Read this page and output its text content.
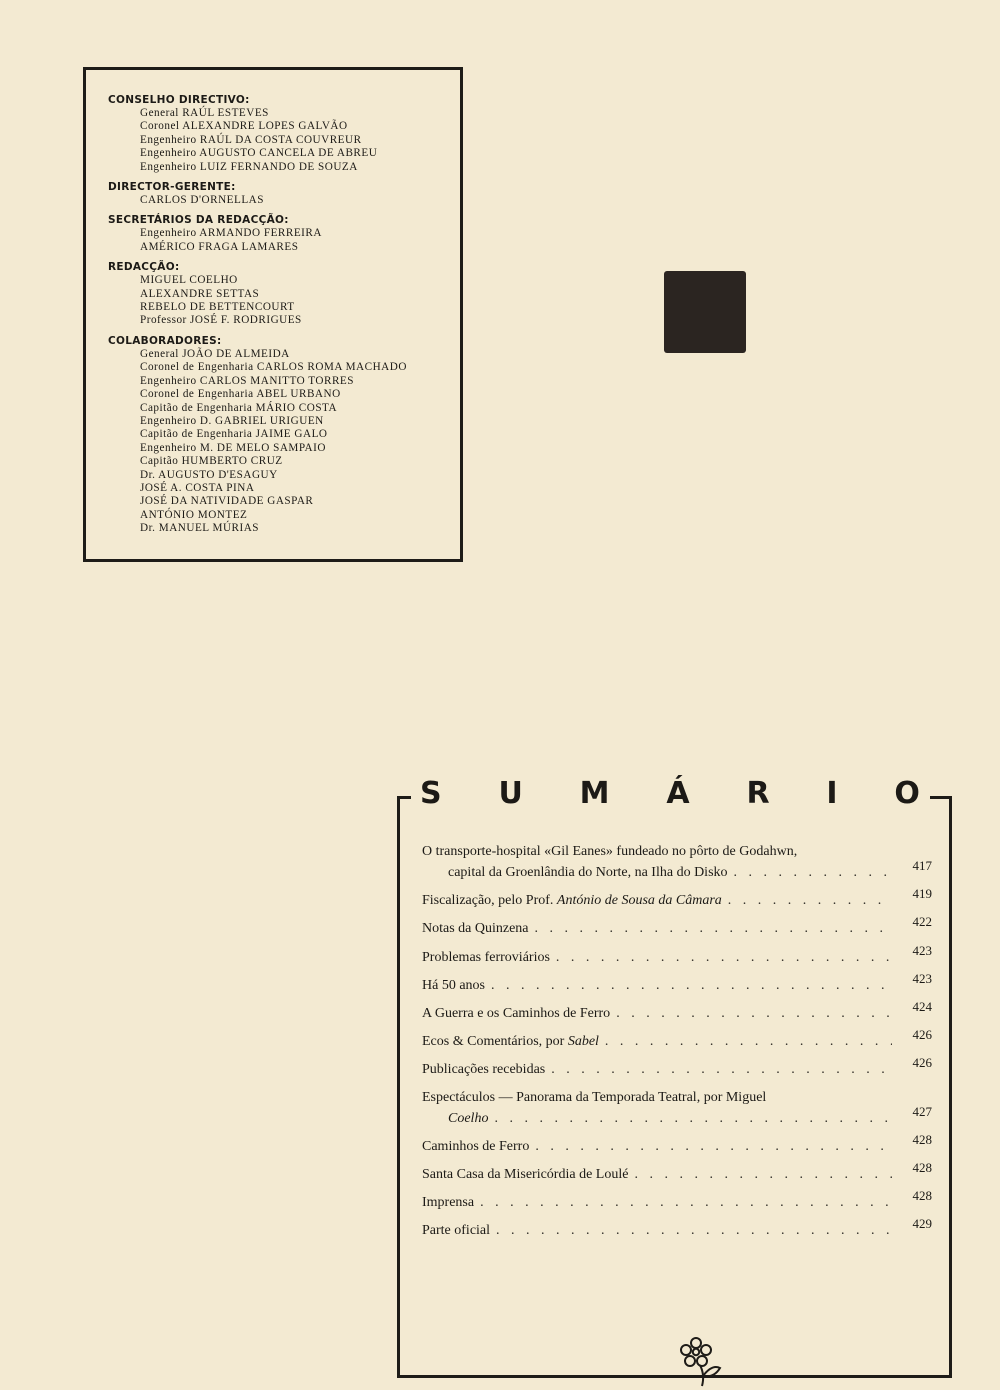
CONSELHO DIRECTIVO:
General RAÚL ESTEVES
Coronel ALEXANDRE LOPES GALVÃO
Engenheiro RAÚL DA COSTA COUVREUR
Engenheiro AUGUSTO CANCELA DE ABREU
Engenheiro LUIZ FERNANDO DE SOUZA
DIRECTOR-GERENTE:
CARLOS D'ORNELLAS
SECRETÁRIOS DA REDACÇÃO:
Engenheiro ARMANDO FERREIRA
AMÉRICO FRAGA LAMARES
REDACÇÃO:
MIGUEL COELHO
ALEXANDRE SETTAS
REBELO DE BETTENCOURT
Professor JOSÉ F. RODRIGUES
COLABORADORES:
General JOÃO DE ALMEIDA
Coronel de Engenharia CARLOS ROMA MACHADO
Engenheiro CARLOS MANITTO TORRES
Coronel de Engenharia ABEL URBANO
Capitão de Engenharia MÁRIO COSTA
Engenheiro D. GABRIEL URIGUEN
Capitão de Engenharia JAIME GALO
Engenheiro M. DE MELO SAMPAIO
Capitão HUMBERTO CRUZ
Dr. AUGUSTO D'ESAGUY
JOSÉ A. COSTA PINA
JOSÉ DA NATIVIDADE GASPAR
ANTÓNIO MONTEZ
Dr. MANUEL MÚRIAS
S U M Á R I O
O transporte-hospital «Gil Eanes» fundeado no pôrto de Godahwn,
capital da Groenlândia do Norte, na Ilha do Disko . . .	417
Fiscalização, pelo Prof. António de Sousa da Câmara . . .	419
Notas da Quinzena . . .	422
Problemas ferroviários . . .	423
Há 50 anos . . .	423
A Guerra e os Caminhos de Ferro . . .	424
Ecos & Comentários, por Sabel . . .	426
Publicações recebidas . . .	426
Espectáculos — Panorama da Temporada Teatral, por Miguel
Coelho . . .	427
Caminhos de Ferro . . .	428
Santa Casa da Misericórdia de Loulé . . .	428
Imprensa . . .	428
Parte oficial . . .	429
